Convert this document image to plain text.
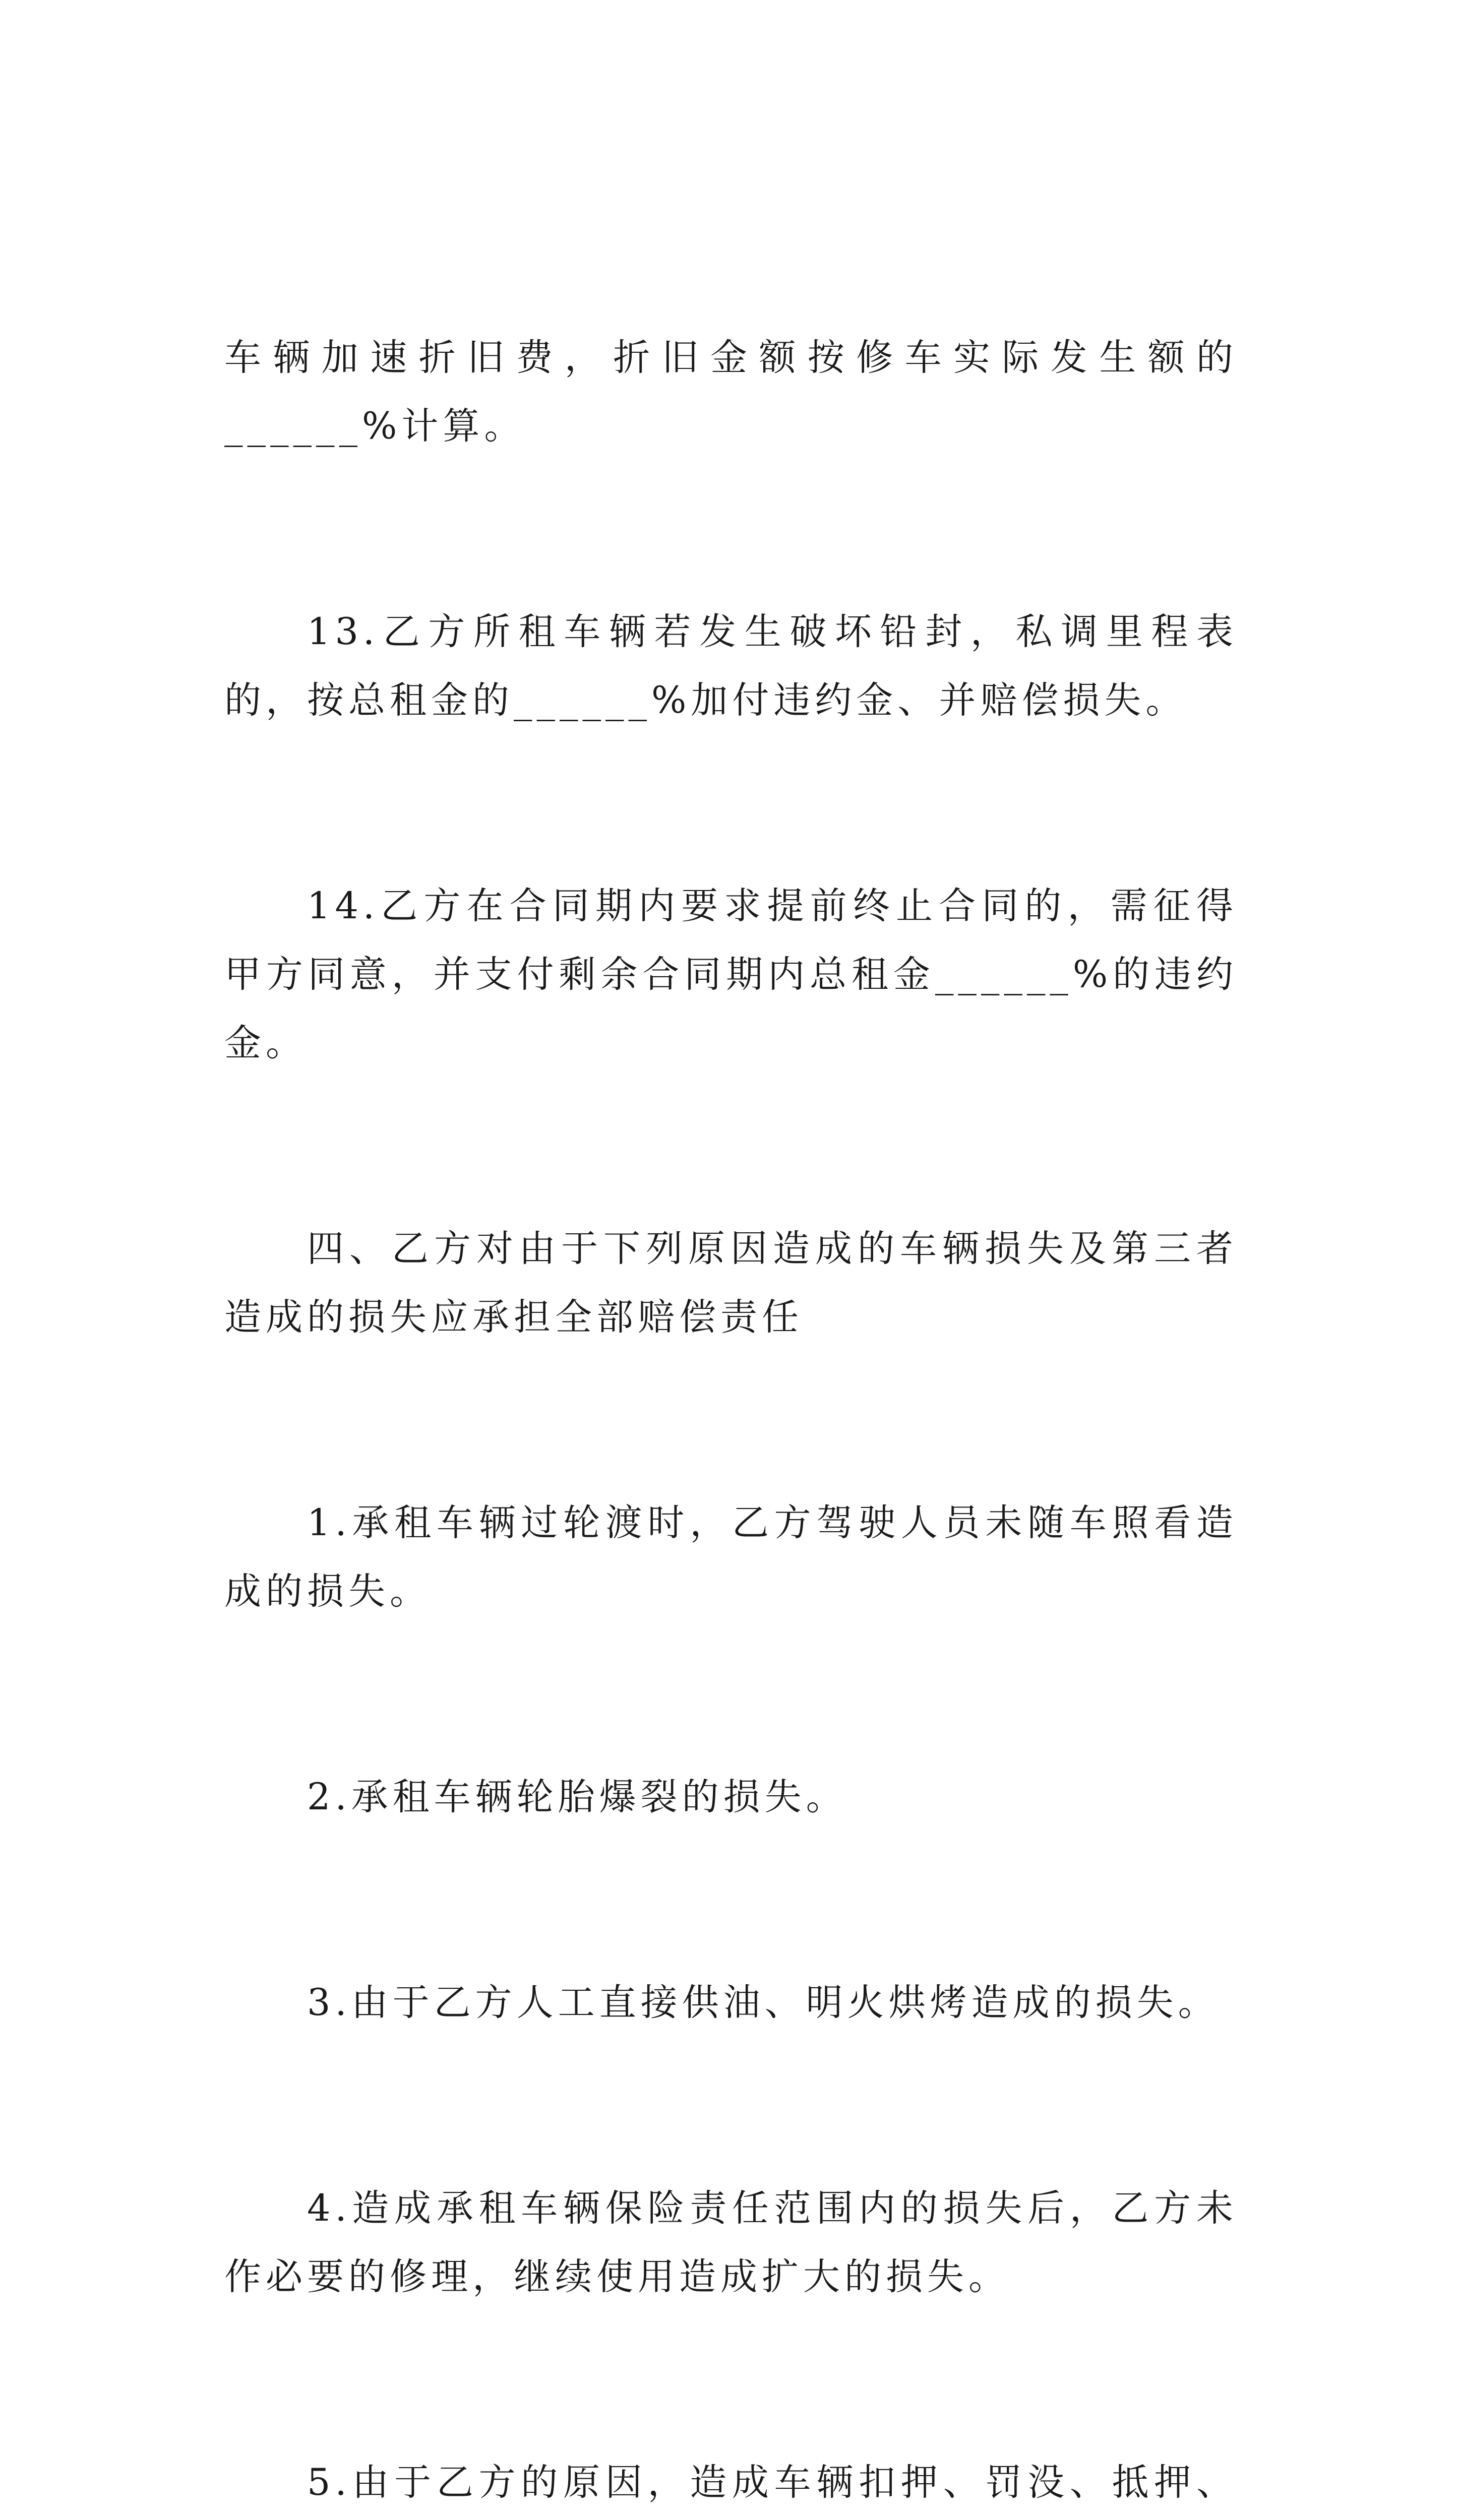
车辆加速折旧费，折旧金额按修车实际发生额的______%计算。

13.乙方所租车辆若发生破坏铅封，私调里程表的，按总租金的______%加付违约金、并赔偿损失。

14.乙方在合同期内要求提前终止合同的，需征得甲方同意，并支付剩余合同期内总租金______%的违约金。

四、乙方对由于下列原因造成的车辆损失及第三者造成的损失应承担全部赔偿责任

1.承租车辆过轮渡时，乙方驾驶人员未随车照看造成的损失。

2.承租车辆轮胎爆裂的损失。

3.由于乙方人工直接供油、明火烘烤造成的损失。

4.造成承租车辆保险责任范围内的损失后，乙方未作必要的修理，继续使用造成扩大的损失。

5.由于乙方的原因，造成车辆扣押、罚没、抵押、
